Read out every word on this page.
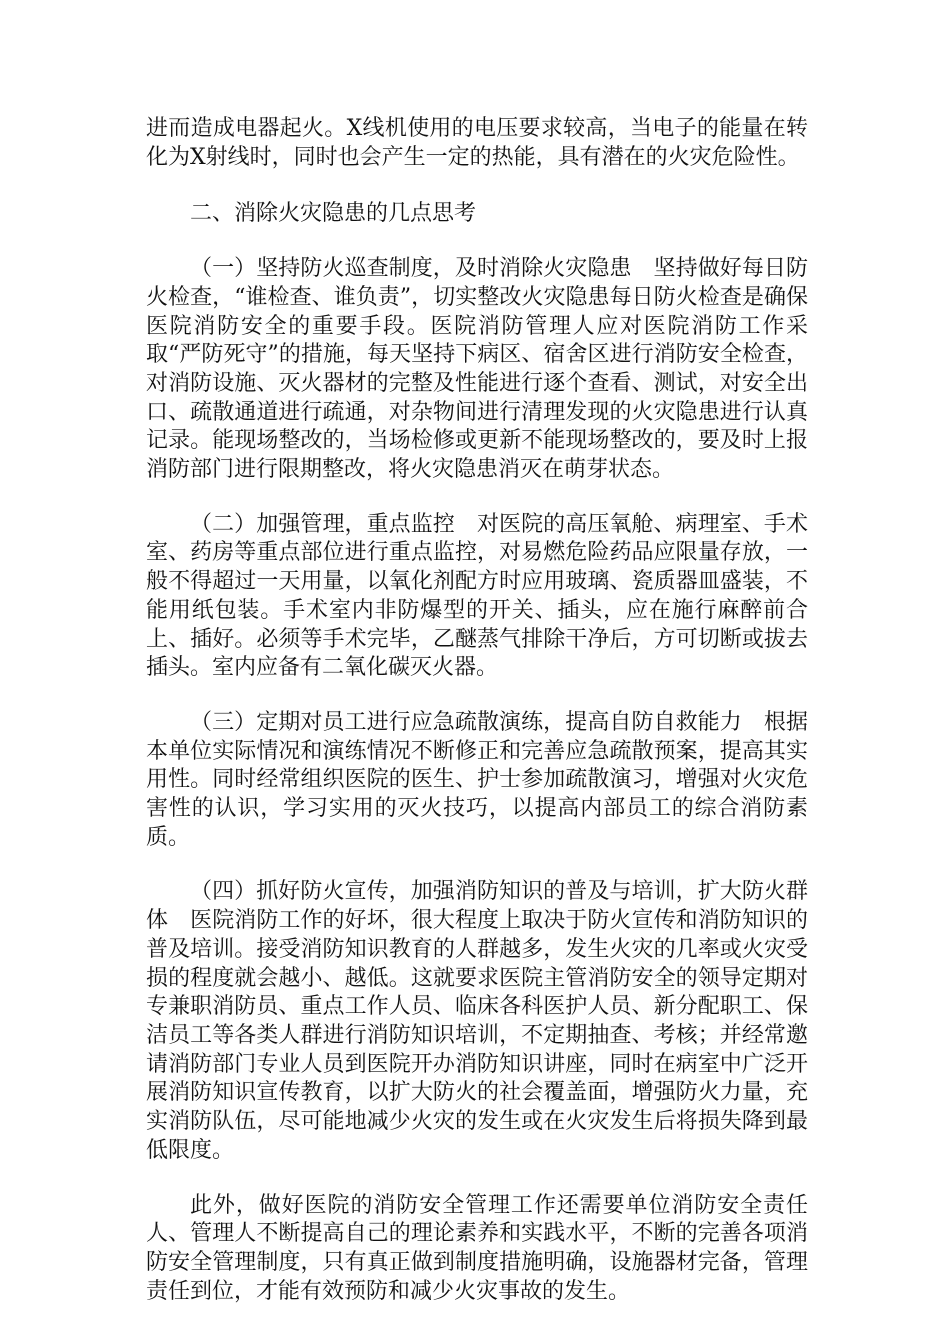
进而造成电器起火。X线机使用的电压要求较高，当电子的能量在转化为X射线时，同时也会产生一定的热能，具有潜在的火灾危险性。

二、消除火灾隐患的几点思考

（一）坚持防火巡查制度，及时消除火灾隐患 坚持做好每日防火检查，“谁检查、谁负责”，切实整改火灾隐患每日防火检查是确保医院消防安全的重要手段。医院消防管理人应对医院消防工作采取“严防死守”的措施，每天坚持下病区、宿舍区进行消防安全检查，对消防设施、灭火器材的完整及性能进行逐个查看、测试，对安全出口、疏散通道进行疏通，对杂物间进行清理发现的火灾隐患进行认真记录。能现场整改的，当场检修或更新不能现场整改的，要及时上报消防部门进行限期整改，将火灾隐患消灭在萌芽状态。

（二）加强管理，重点监控 对医院的高压氧舱、病理室、手术室、药房等重点部位进行重点监控，对易燃危险药品应限量存放，一般不得超过一天用量，以氧化剂配方时应用玻璃、瓷质器皿盛装，不能用纸包装。手术室内非防爆型的开关、插头，应在施行麻醉前合上、插好。必须等手术完毕，乙醚蒸气排除干净后，方可切断或拔去插头。室内应备有二氧化碳灭火器。

（三）定期对员工进行应急疏散演练，提高自防自救能力 根据本单位实际情况和演练情况不断修正和完善应急疏散预案，提高其实用性。同时经常组织医院的医生、护士参加疏散演习，增强对火灾危害性的认识，学习实用的灭火技巧，以提高内部员工的综合消防素质。

（四）抓好防火宣传，加强消防知识的普及与培训，扩大防火群体 医院消防工作的好坏，很大程度上取决于防火宣传和消防知识的普及培训。接受消防知识教育的人群越多，发生火灾的几率或火灾受损的程度就会越小、越低。这就要求医院主管消防安全的领导定期对专兼职消防员、重点工作人员、临床各科医护人员、新分配职工、保洁员工等各类人群进行消防知识培训，不定期抽查、考核；并经常邀请消防部门专业人员到医院开办消防知识讲座，同时在病室中广泛开展消防知识宣传教育，以扩大防火的社会覆盖面，增强防火力量，充实消防队伍，尽可能地减少火灾的发生或在火灾发生后将损失降到最低限度。

此外，做好医院的消防安全管理工作还需要单位消防安全责任人、管理人不断提高自己的理论素养和实践水平，不断的完善各项消防安全管理制度，只有真正做到制度措施明确，设施器材完备，管理责任到位，才能有效预防和减少火灾事故的发生。
